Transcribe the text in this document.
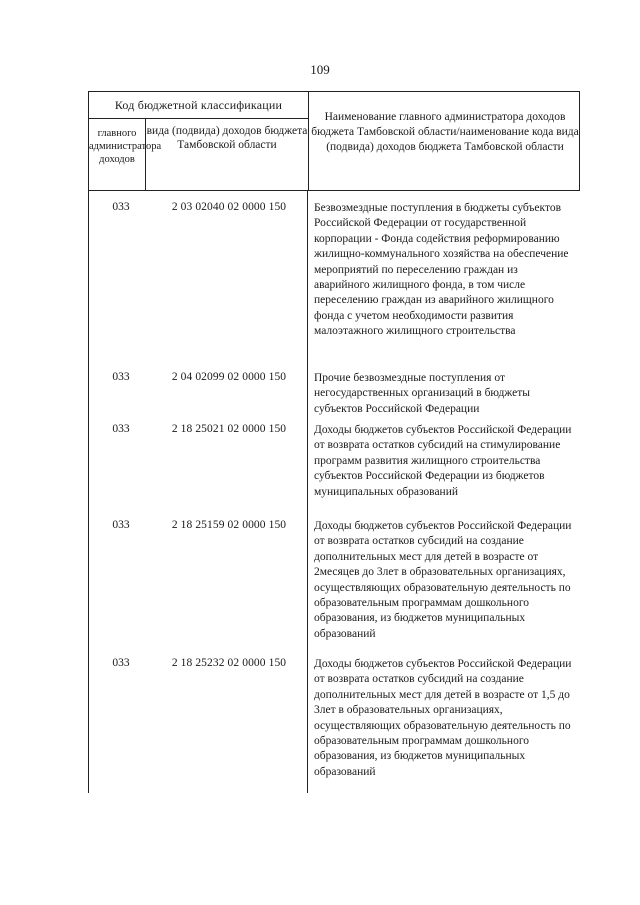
109
Код бюджетной классификации
главного администратора доходов
вида (подвида) доходов бюджета Тамбовской области
Наименование главного администратора доходов бюджета Тамбовской области/наименование кода вида (подвида) доходов бюджета Тамбовской области
033	2 03 02040 02 0000 150	Безвозмездные поступления в бюджеты субъектов Российской Федерации от государственной корпорации - Фонда содействия реформированию жилищно-коммунального хозяйства на обеспечение мероприятий по переселению граждан из аварийного жилищного фонда, в том числе переселению граждан из аварийного жилищного фонда с учетом необходимости развития малоэтажного жилищного строительства
033	2 04 02099 02 0000 150	Прочие безвозмездные поступления от негосударственных организаций в бюджеты субъектов Российской Федерации
033	2 18 25021 02 0000 150	Доходы бюджетов субъектов Российской Федерации от возврата остатков субсидий на стимулирование программ развития жилищного строительства субъектов Российской Федерации из бюджетов муниципальных образований
033	2 18 25159 02 0000 150	Доходы бюджетов субъектов Российской Федерации от возврата остатков субсидий на создание дополнительных мест для детей в возрасте от 2месяцев до 3лет в образовательных организациях, осуществляющих образовательную деятельность по образовательным программам дошкольного образования, из бюджетов муниципальных образований
033	2 18 25232 02 0000 150	Доходы бюджетов субъектов Российской Федерации от возврата остатков субсидий на создание дополнительных мест для детей в возрасте от 1,5 до 3лет в образовательных организациях, осуществляющих образовательную деятельность по образовательным программам дошкольного образования, из бюджетов муниципальных образований
